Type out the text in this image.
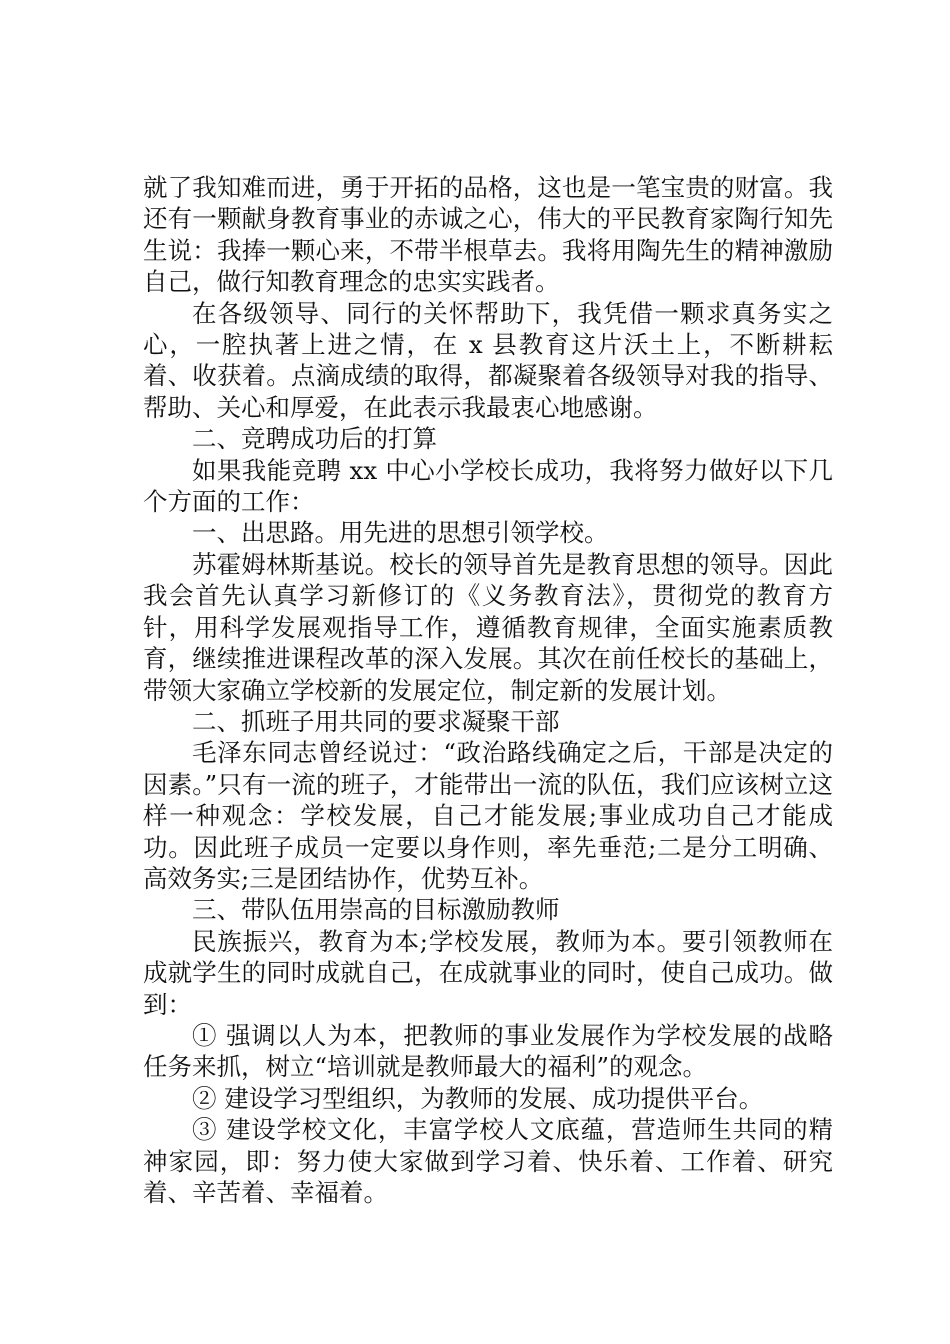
就了我知难而进，勇于开拓的品格，这也是一笔宝贵的财富。我还有一颗献身教育事业的赤诚之心，伟大的平民教育家陶行知先生说：我捧一颗心来，不带半根草去。我将用陶先生的精神激励自己，做行知教育理念的忠实实践者。

在各级领导、同行的关怀帮助下，我凭借一颗求真务实之心，一腔执著上进之情，在 x 县教育这片沃土上，不断耕耘着、收获着。点滴成绩的取得，都凝聚着各级领导对我的指导、帮助、关心和厚爱，在此表示我最衷心地感谢。

二、竞聘成功后的打算

如果我能竞聘 xx 中心小学校长成功，我将努力做好以下几个方面的工作：

一、出思路。用先进的思想引领学校。

苏霍姆林斯基说。校长的领导首先是教育思想的领导。因此我会首先认真学习新修订的《义务教育法》，贯彻党的教育方针，用科学发展观指导工作，遵循教育规律，全面实施素质教育，继续推进课程改革的深入发展。其次在前任校长的基础上，带领大家确立学校新的发展定位，制定新的发展计划。

二、抓班子用共同的要求凝聚干部

毛泽东同志曾经说过：“政治路线确定之后，干部是决定的因素。”只有一流的班子，才能带出一流的队伍，我们应该树立这样一种观念：学校发展，自己才能发展;事业成功自己才能成功。因此班子成员一定要以身作则，率先垂范;二是分工明确、高效务实;三是团结协作，优势互补。

三、带队伍用崇高的目标激励教师

民族振兴，教育为本;学校发展，教师为本。要引领教师在成就学生的同时成就自己，在成就事业的同时，使自己成功。做到：

① 强调以人为本，把教师的事业发展作为学校发展的战略任务来抓，树立“培训就是教师最大的福利”的观念。

② 建设学习型组织，为教师的发展、成功提供平台。

③ 建设学校文化，丰富学校人文底蕴，营造师生共同的精神家园，即：努力使大家做到学习着、快乐着、工作着、研究着、辛苦着、幸福着。
